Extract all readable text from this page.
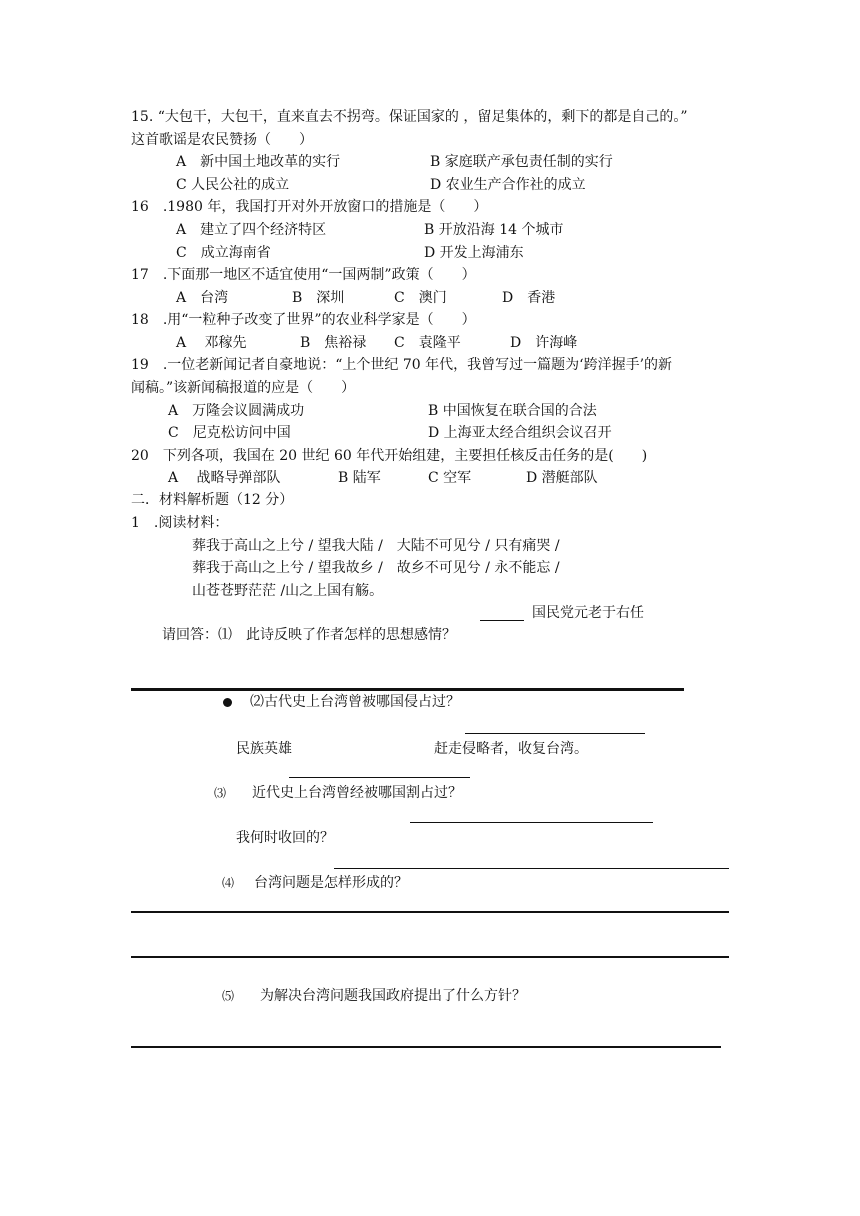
15. “大包干，大包干，直来直去不拐弯。保证国家的 ，留足集体的，剩下的都是自己的。”
这首歌谣是农民赞扬（　　）
A　新中国土地改革的实行	B 家庭联产承包责任制的实行
C 人民公社的成立	D 农业生产合作社的成立
16　.1980 年，我国打开对外开放窗口的措施是（　　）
A　建立了四个经济特区	B 开放沿海 14 个城市
C　成立海南省	D 开发上海浦东
17　.下面那一地区不适宜使用“一国两制”政策（　　）
A　台湾	B　深圳	C　澳门	D　香港
18　.用“一粒种子改变了世界”的农业科学家是（　　）
A　 邓稼先	B　焦裕禄 C　袁隆平	D　许海峰
19　.一位老新闻记者自豪地说：“上个世纪 70 年代，我曾写过一篇题为‘跨洋握手’的新
闻稿。”该新闻稿报道的应是（　　）
A　万隆会议圆满成功	B 中国恢复在联合国的合法
C　尼克松访问中国	D 上海亚太经合组织会议召开
20　下列各项，我国在 20 世纪 60 年代开始组建，主要担任核反击任务的是(　　)
A　 战略导弹部队	B 陆军	C 空军	D 潜艇部队
二．材料解析题（12 分）
1　.阅读材料：
葬我于高山之上兮 / 望我大陆 /　大陆不可见兮 / 只有痛哭 /
葬我于高山之上兮 / 望我故乡 /　故乡不可见兮 / 永不能忘 /
山苍苍野茫茫 /山之上国有觞。
国民党元老于右任
请回答：⑴　此诗反映了作者怎样的思想感情？
⑵古代史上台湾曾被哪国侵占过？
民族英雄	赶走侵略者，收复台湾。
⑶ 近代史上台湾曾经被哪国割占过？
我何时收回的？
⑷ 台湾问题是怎样形成的？
⑸ 为解决台湾问题我国政府提出了什么方针？
